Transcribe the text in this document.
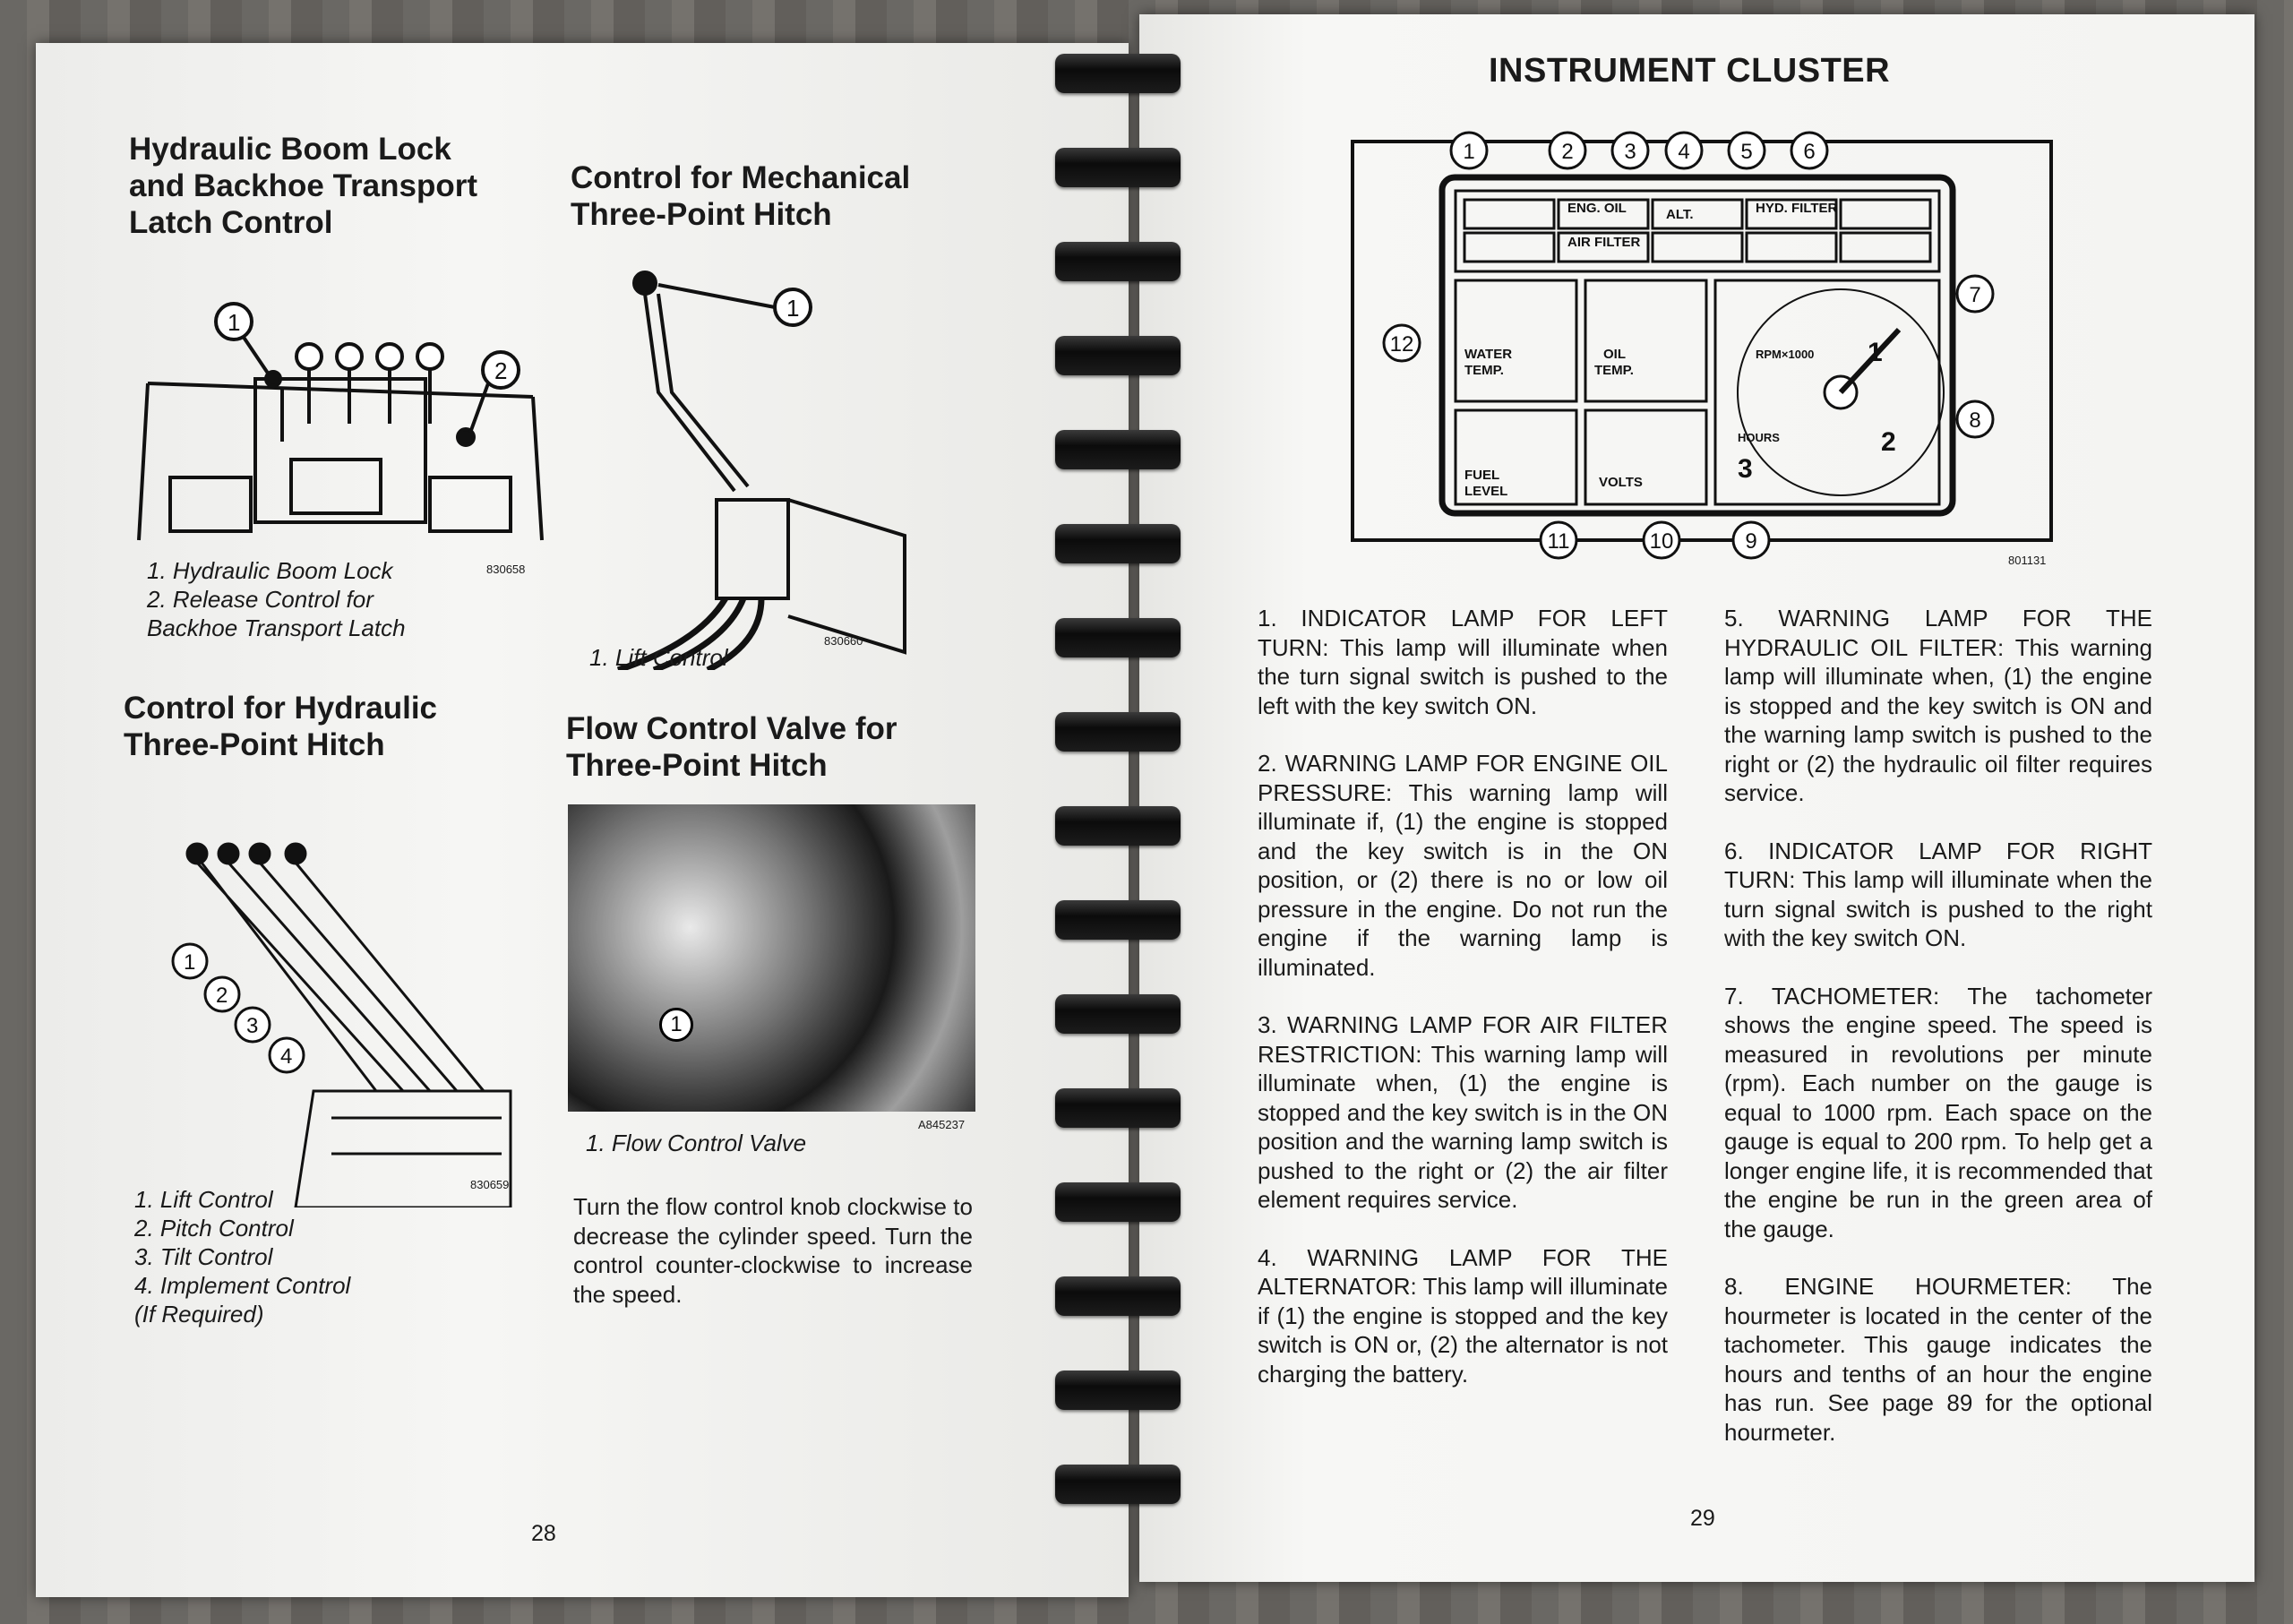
Hydraulic Boom Lock
and Backhoe Transport
Latch Control
1
2
830658
1. Hydraulic Boom Lock
2. Release Control for
Backhoe Transport Latch
Control for Hydraulic
Three-Point Hitch
1
2
3
4
830659
1. Lift Control
2. Pitch Control
3. Tilt Control
4. Implement Control
(If Required)
Control for Mechanical
Three-Point Hitch
1
830660
1. Lift Control
Flow Control Valve for
Three-Point Hitch
1
A845237
1. Flow Control Valve
Turn the flow control knob clockwise to decrease the cylinder speed. Turn the control counter-clockwise to increase the speed.
28
INSTRUMENT CLUSTER
ENG. OIL
AIR FILTER
ALT.	HYD. FILTER
WATER
TEMP.
OIL
TEMP.
RPM×1000
HOURS
FUEL
LEVEL
VOLTS
1
2
3
1	2 3 4 5 6
7
8
9
10
11
12
801131

1. INDICATOR LAMP FOR LEFT TURN: This lamp will illuminate when the turn signal switch is pushed to the left with the key switch ON.

2. WARNING LAMP FOR ENGINE OIL PRESSURE: This warning lamp will illuminate if, (1) the engine is stopped and the key switch is in the ON position, or (2) there is no or low oil pressure in the engine. Do not run the engine if the warning lamp is illuminated.

3. WARNING LAMP FOR AIR FILTER RESTRICTION: This warning lamp will illuminate when, (1) the engine is stopped and the key switch is in the ON position and the warning lamp switch is pushed to the right or (2) the air filter element requires service.

4. WARNING LAMP FOR THE ALTERNATOR: This lamp will illuminate if (1) the engine is stopped and the key switch is ON or, (2) the alternator is not charging the battery.

5. WARNING LAMP FOR THE HYDRAULIC OIL FILTER: This warning lamp will illuminate when, (1) the engine is stopped and the key switch is ON and the warning lamp switch is pushed to the right or (2) the hydraulic oil filter requires service.

6. INDICATOR LAMP FOR RIGHT TURN: This lamp will illuminate when the turn signal switch is pushed to the right with the key switch ON.

7. TACHOMETER: The tachometer shows the engine speed. The speed is measured in revolutions per minute (rpm). Each number on the gauge is equal to 1000 rpm. Each space on the gauge is equal to 200 rpm. To help get a longer engine life, it is recommended that the engine be run in the green area of the gauge.

8. ENGINE HOURMETER: The hourmeter is located in the center of the tachometer. This gauge indicates the hours and tenths of an hour the engine has run. See page 89 for the optional hourmeter.

29
